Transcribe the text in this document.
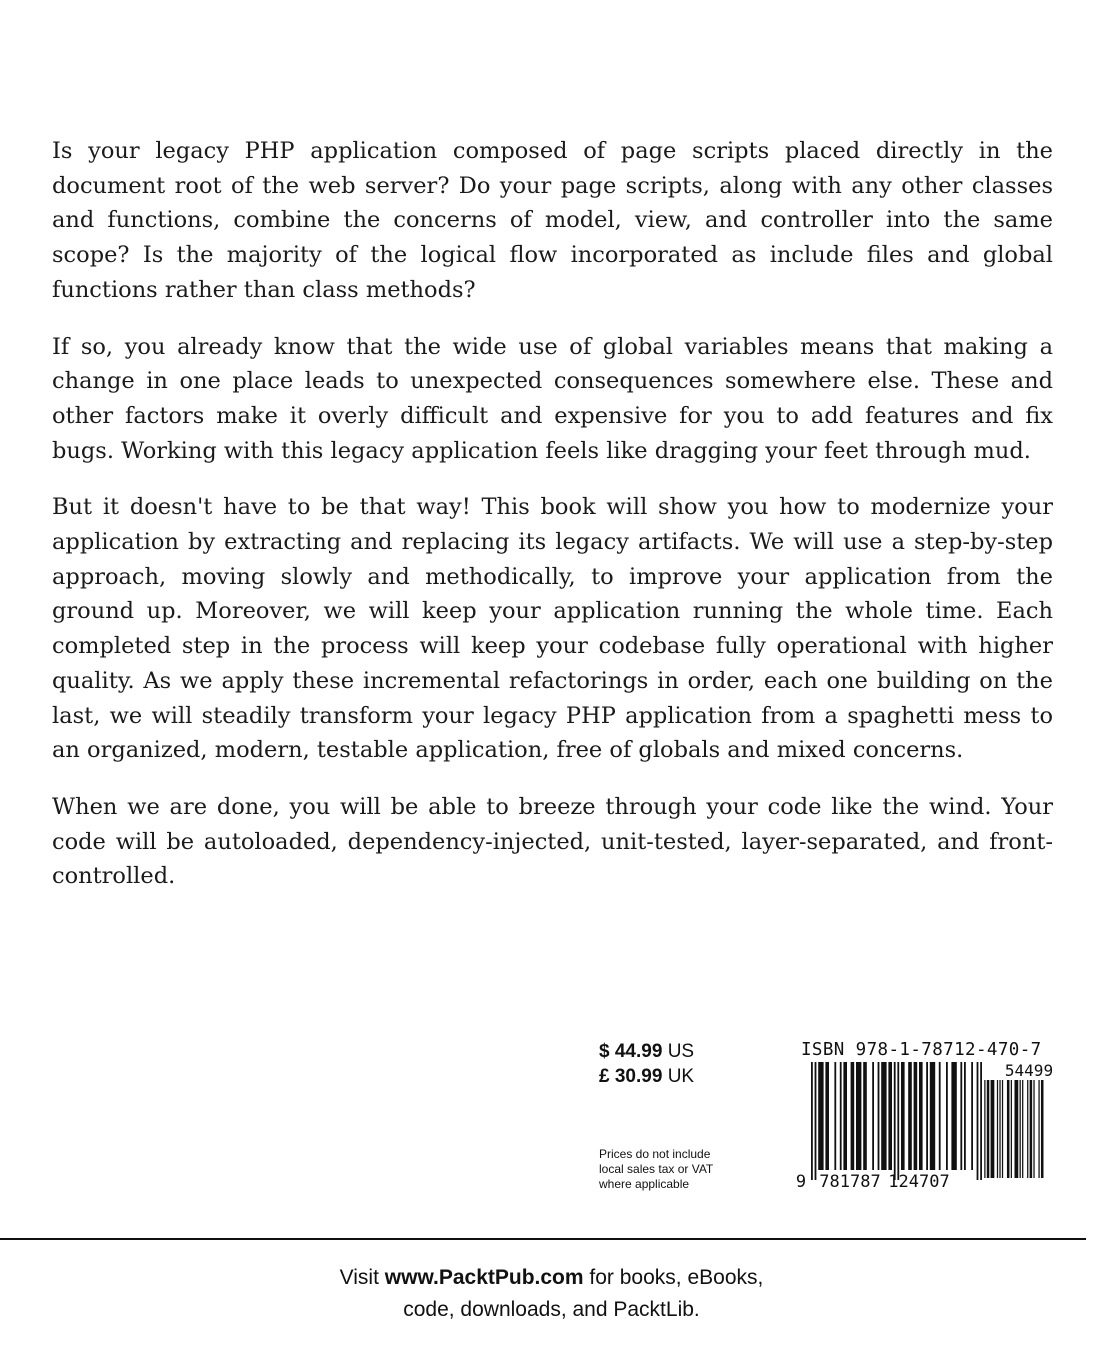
Is your legacy PHP application composed of page scripts placed directly in the document root of the web server? Do your page scripts, along with any other classes and functions, combine the concerns of model, view, and controller into the same scope? Is the majority of the logical flow incorporated as include files and global functions rather than class methods?

If so, you already know that the wide use of global variables means that making a change in one place leads to unexpected consequences somewhere else. These and other factors make it overly difficult and expensive for you to add features and fix bugs. Working with this legacy application feels like dragging your feet through mud.

But it doesn't have to be that way! This book will show you how to modernize your application by extracting and replacing its legacy artifacts. We will use a step-by-step approach, moving slowly and methodically, to improve your application from the ground up. Moreover, we will keep your application running the whole time. Each completed step in the process will keep your codebase fully operational with higher quality. As we apply these incremental refactorings in order, each one building on the last, we will steadily transform your legacy PHP application from a spaghetti mess to an organized, modern, testable application, free of globals and mixed concerns.

When we are done, you will be able to breeze through your code like the wind. Your code will be autoloaded, dependency-injected, unit-tested, layer-separated, and front-controlled.

$ 44.99 US
£ 30.99 UK
Prices do not include
local sales tax or VAT
where applicable
ISBN 978-1-78712-470-7
54499
9 781787 124707
Visit www.PacktPub.com for books, eBooks,
code, downloads, and PacktLib.
